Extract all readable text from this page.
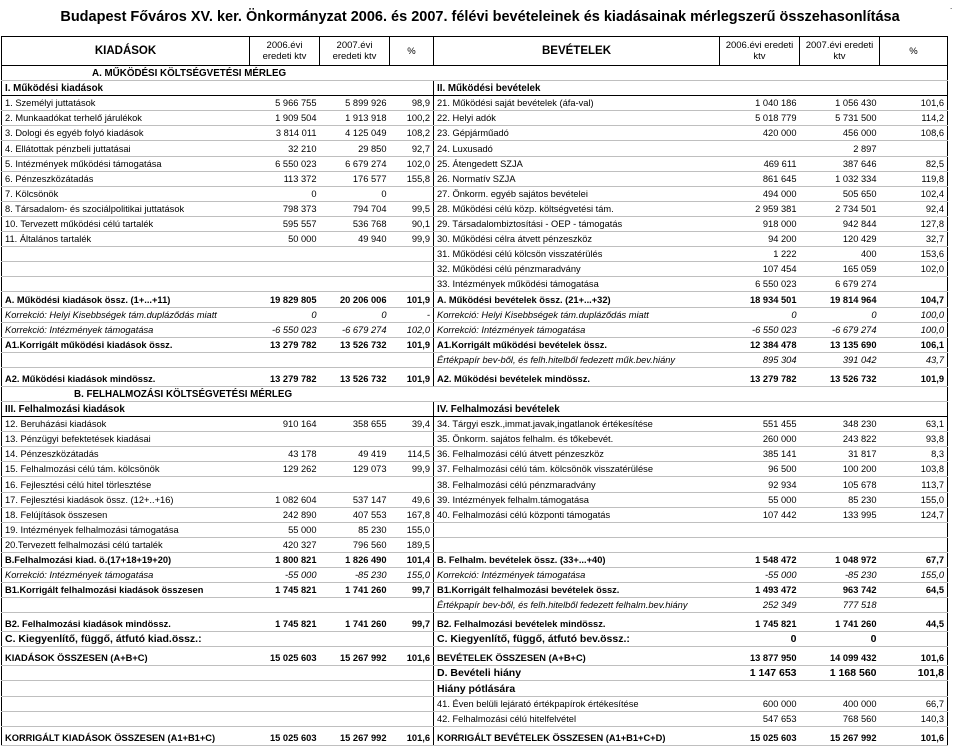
Budapest Főváros XV. ker. Önkormányzat 2006. és 2007. félévi bevételeinek és kiadásainak mérlegszerű összehasonlítása
.
KIADÁSOK	2006.évi eredeti ktv	2007.évi eredeti ktv	%	BEVÉTELEK	2006.évi eredeti ktv	2007.évi eredeti ktv	%
A. MŰKÖDÉSI KÖLTSÉGVETÉSI MÉRLEG							
I. Működési kiadások				II. Működési bevételek			
1. Személyi juttatások	5 966 755	5 899 926	98,9	21. Működési saját bevételek (áfa-val)	1 040 186	1 056 430	101,6
2. Munkaadókat terhelő járulékok	1 909 504	1 913 918	100,2	22. Helyi adók	5 018 779	5 731 500	114,2
3. Dologi és egyéb folyó kiadások	3 814 011	4 125 049	108,2	23. Gépjárműadó	420 000	456 000	108,6
4. Ellátottak pénzbeli juttatásai	32 210	29 850	92,7	24. Luxusadó		2 897	
5. Intézmények működési támogatása	6 550 023	6 679 274	102,0	25. Átengedett SZJA	469 611	387 646	82,5
6. Pénzeszközátadás	113 372	176 577	155,8	26. Normatív SZJA	861 645	1 032 334	119,8
7. Kölcsönök	0	0		27. Önkorm. egyéb sajátos bevételei	494 000	505 650	102,4
8. Társadalom- és szociálpolitikai juttatások	798 373	794 704	99,5	28. Működési célú közp. költségvetési tám.	2 959 381	2 734 501	92,4
10. Tervezett működési célú tartalék	595 557	536 768	90,1	29. Társadalombiztosítási - OEP - támogatás	918 000	942 844	127,8
11. Általános tartalék	50 000	49 940	99,9	30. Működési célra átvett pénzeszköz	94 200	120 429	32,7
				31. Működési célú kölcsön visszatérülés	1 222	400	153,6
				32. Működési célú pénzmaradvány	107 454	165 059	102,0
				33. Intézmények működési támogatása	6 550 023	6 679 274	
A. Működési kiadások össz. (1+...+11)	19 829 805	20 206 006	101,9	A. Működési bevételek össz. (21+...+32)	18 934 501	19 814 964	104,7
Korrekció: Helyi Kisebbségek tám.dupláződás miatt	0	0	-	Korrekció: Helyi Kisebbségek tám.dupláződás miatt	0	0	100,0
Korrekció: Intézmények támogatása	-6 550 023	-6 679 274	102,0	Korrekció: Intézmények támogatása	-6 550 023	-6 679 274	100,0
A1.Korrigált működési kiadások össz.	13 279 782	13 526 732	101,9	A1.Korrigált működési bevételek össz.	12 384 478	13 135 690	106,1
				Értékpapír bev-ből, és felh.hitelből fedezett műk.bev.hiány	895 304	391 042	43,7
A2. Működési kiadások mindössz.	13 279 782	13 526 732	101,9	A2. Működési bevételek mindössz.	13 279 782	13 526 732	101,9
B. FELHALMOZÁSI KÖLTSÉGVETÉSI MÉRLEG							
III. Felhalmozási kiadások				IV. Felhalmozási bevételek			
12. Beruházási kiadások	910 164	358 655	39,4	34. Tárgyi eszk.,immat.javak,ingatlanok értékesítése	551 455	348 230	63,1
13. Pénzügyi befektetések kiadásai				35. Önkorm. sajátos felhalm. és tőkebevét.	260 000	243 822	93,8
14. Pénzeszközátadás	43 178	49 419	114,5	36. Felhalmozási célú átvett pénzeszköz	385 141	31 817	8,3
15. Felhalmozási célú tám. kölcsönök	129 262	129 073	99,9	37. Felhalmozási célú tám. kölcsönök visszatérülése	96 500	100 200	103,8
16. Fejlesztési célú hitel törlesztése				38. Felhalmozási célú pénzmaradvány	92 934	105 678	113,7
17. Fejlesztési kiadások össz. (12+..+16)	1 082 604	537 147	49,6	39. Intézmények felhalm.támogatása	55 000	85 230	155,0
18. Felújítások összesen	242 890	407 553	167,8	40. Felhalmozási célú központi támogatás	107 442	133 995	124,7
19. Intézmények felhalmozási támogatása	55 000	85 230	155,0				
20.Tervezett felhalmozási célú tartalék	420 327	796 560	189,5				
B.Felhalmozási kiad. ö.(17+18+19+20)	1 800 821	1 826 490	101,4	B. Felhalm. bevételek össz. (33+...+40)	1 548 472	1 048 972	67,7
Korrekció: Intézmények támogatása	-55 000	-85 230	155,0	Korrekció: Intézmények támogatása	-55 000	-85 230	155,0
B1.Korrigált felhalmozási kiadások összesen	1 745 821	1 741 260	99,7	B1.Korrigált felhalmozási bevételek össz.	1 493 472	963 742	64,5
				Értékpapír bev-ből, és felh.hitelből fedezett felhalm.bev.hiány	252 349	777 518	
B2. Felhalmozási kiadások mindössz.	1 745 821	1 741 260	99,7	B2. Felhalmozási bevételek mindössz.	1 745 821	1 741 260	44,5
C. Kiegyenlítő, függő, átfutó kiad.össz.:				C. Kiegyenlítő, függő, átfutó bev.össz.:	0	0	
KIADÁSOK ÖSSZESEN (A+B+C)	15 025 603	15 267 992	101,6	BEVÉTELEK ÖSSZESEN (A+B+C)	13 877 950	14 099 432	101,6
				D. Bevételi hiány	1 147 653	1 168 560	101,8
				Hiány pótlására			
				41. Éven belüli lejárató értékpapírok értékesítése	600 000	400 000	66,7
				42. Felhalmozási célú hitelfelvétel	547 653	768 560	140,3
KORRIGÁLT KIADÁSOK ÖSSZESEN (A1+B1+C)	15 025 603	15 267 992	101,6	KORRIGÁLT BEVÉTELEK ÖSSZESEN (A1+B1+C+D)	15 025 603	15 267 992	101,6
